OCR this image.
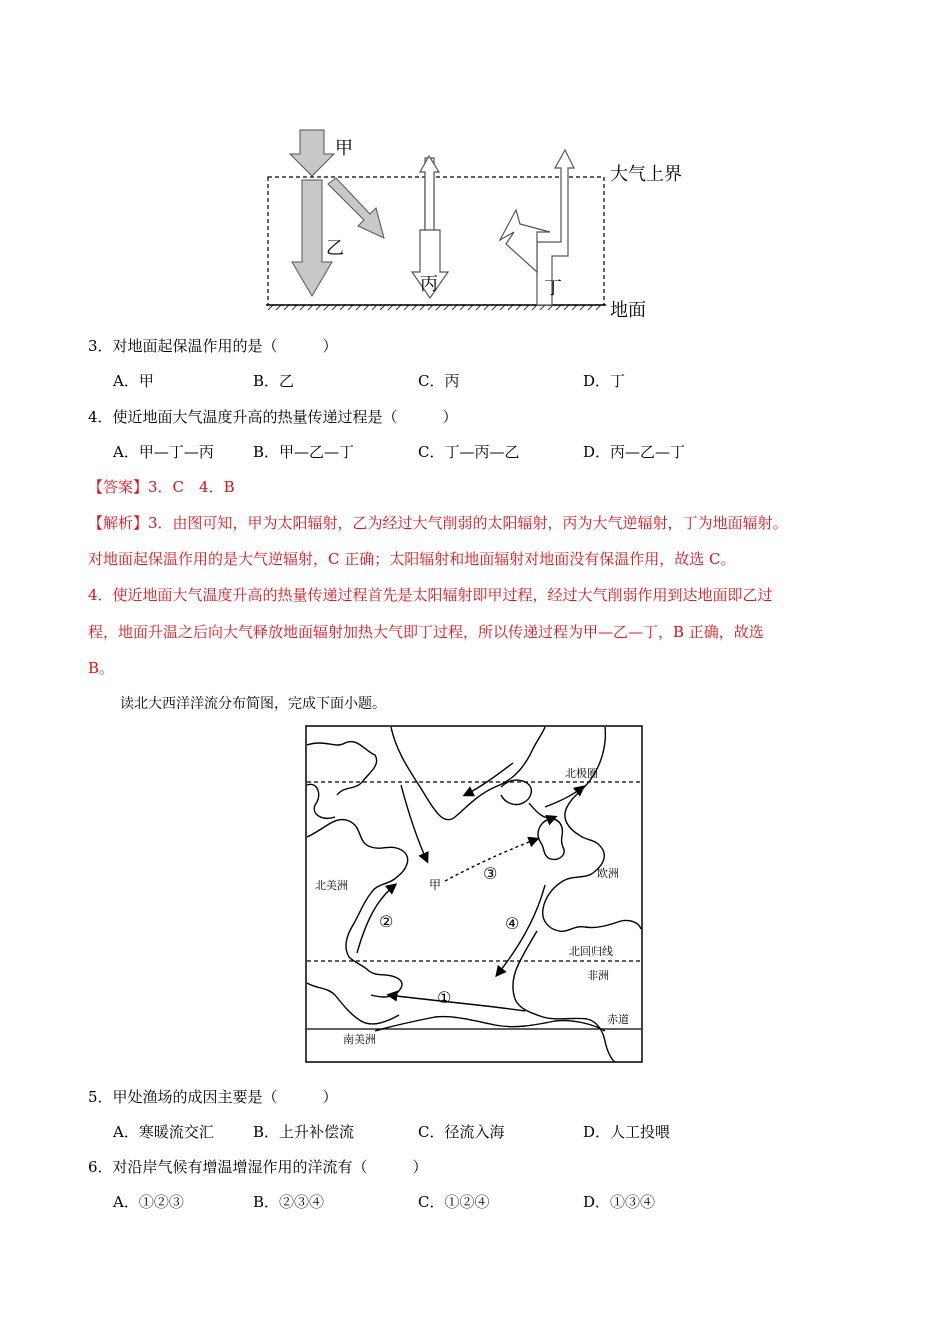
甲
乙
丙	丁
大气上界
地面
3．对地面起保温作用的是（　　　）
A．甲	B．乙	C．丙	D．丁
4．使近地面大气温度升高的热量传递过程是（　　　）
A．甲—丁—丙	B．甲—乙—丁	C．丁—丙—乙	D．丙—乙—丁
【答案】3．C　4．B
【解析】3．由图可知，甲为太阳辐射，乙为经过大气削弱的太阳辐射，丙为大气逆辐射，丁为地面辐射。
对地面起保温作用的是大气逆辐射，C 正确；太阳辐射和地面辐射对地面没有保温作用，故选 C。
4．使近地面大气温度升高的热量传递过程首先是太阳辐射即甲过程，经过大气削弱作用到达地面即乙过
程，地面升温之后向大气释放地面辐射加热大气即丁过程，所以传递过程为甲—乙—丁，B 正确，故选
B。
读北大西洋洋流分布简图，完成下面小题。
北极圈
北美洲
欧洲
北回归线
非洲
赤道
南美洲
甲
①
②
③
④
5．甲处渔场的成因主要是（　　　）
A．寒暖流交汇	B．上升补偿流	C．径流入海	D．人工投喂
6．对沿岸气候有增温增湿作用的洋流有（　　　）
A．①②③	B．②③④	C．①②④	D．①③④
